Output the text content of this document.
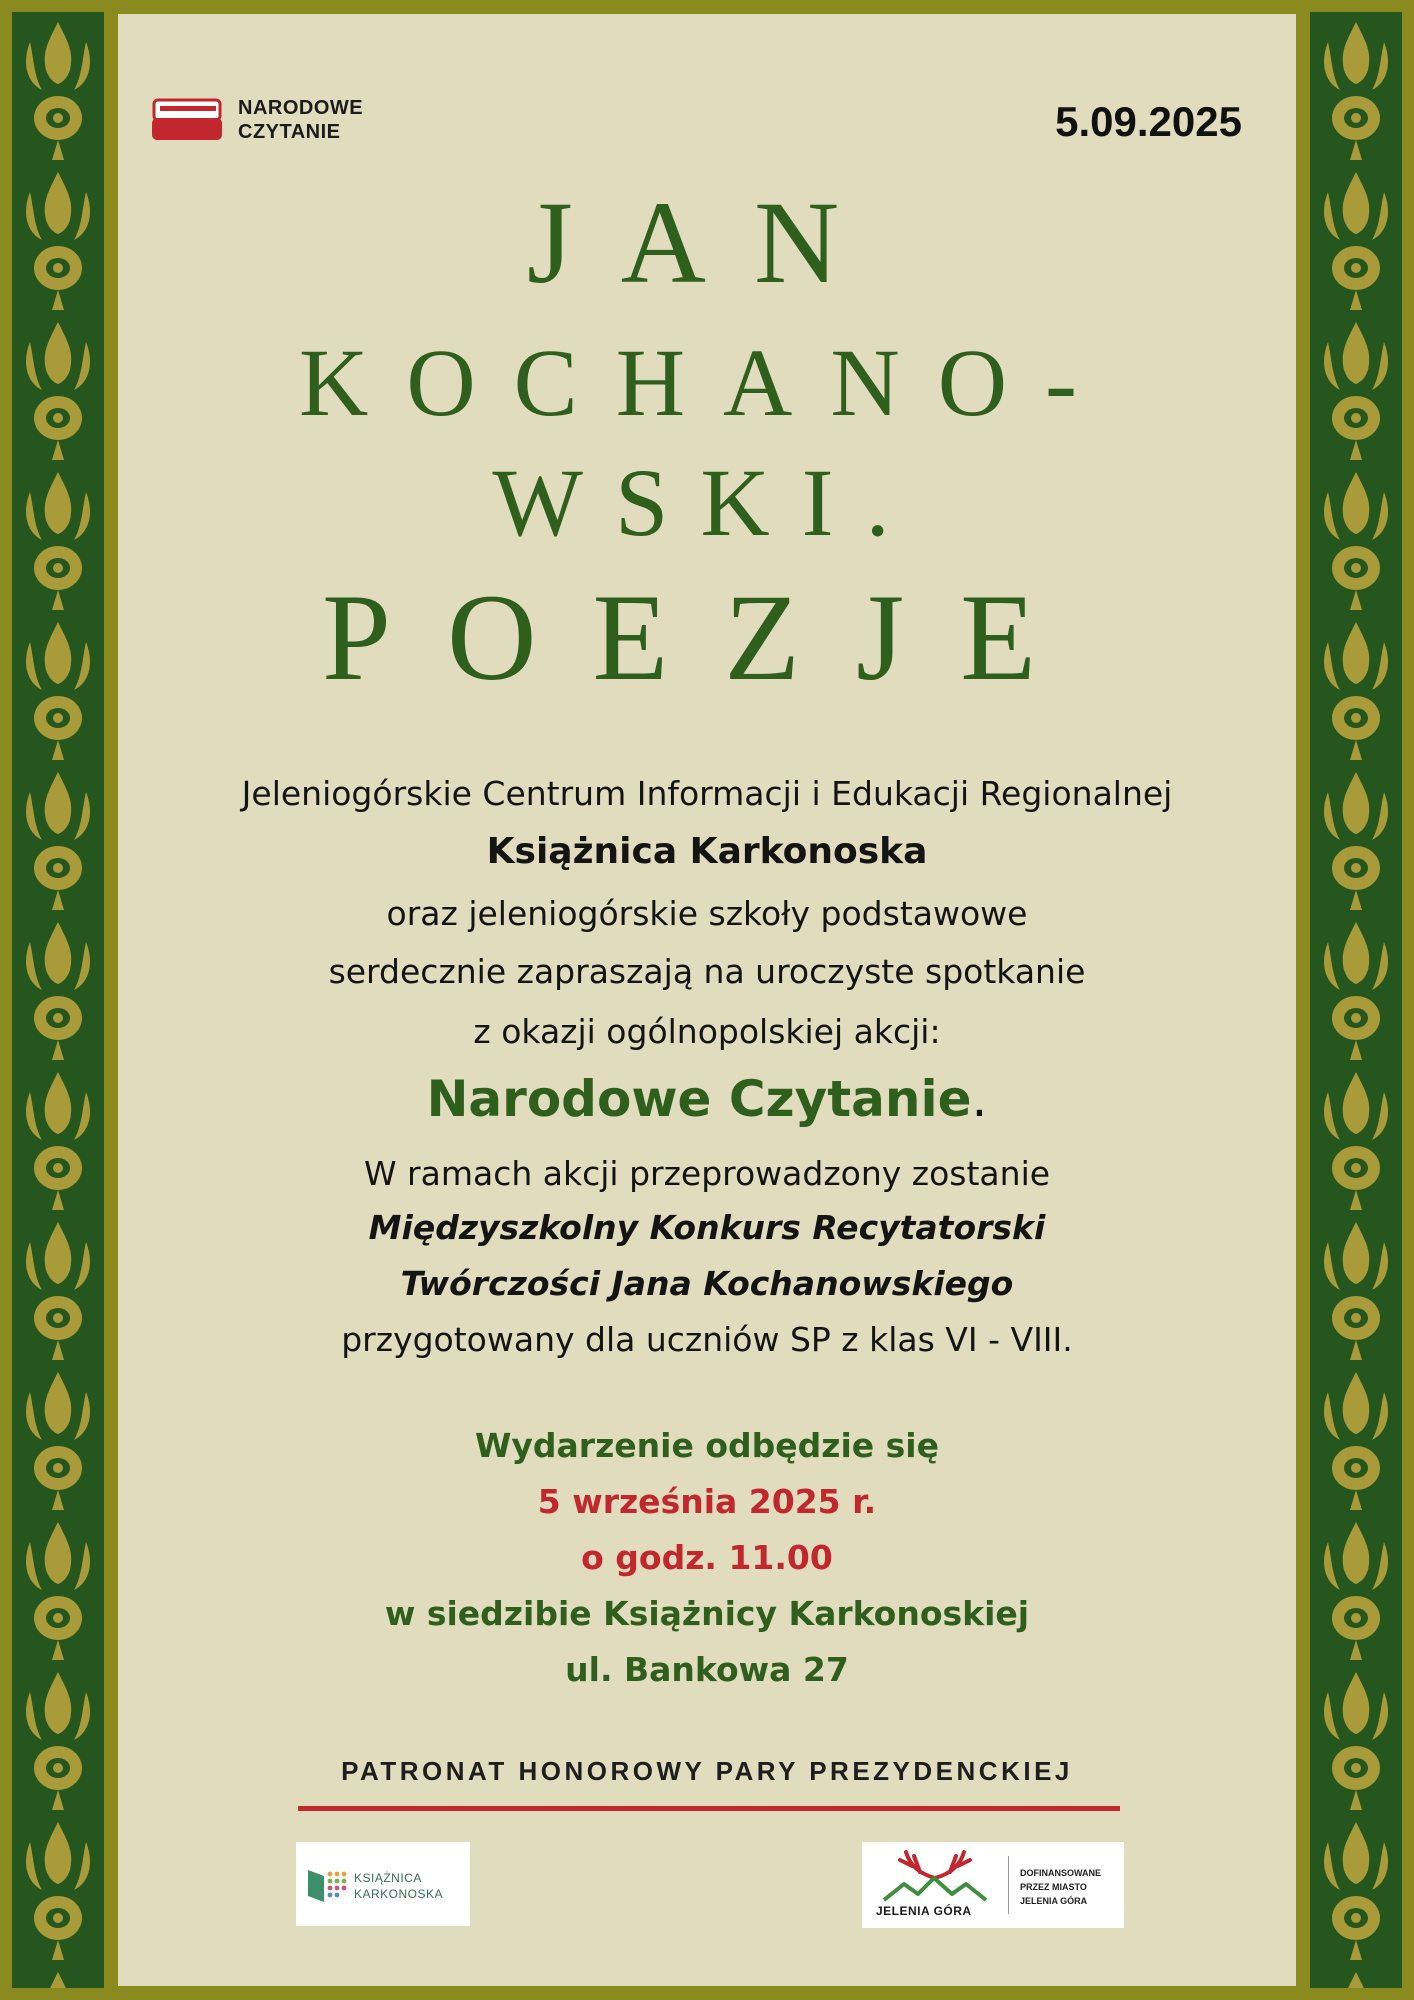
NARODOWE
CZYTANIE	5.09.2025
JAN
KOCHANO-
WSKI.
POEZJE
Jeleniogórskie Centrum Informacji i Edukacji Regionalnej
Książnica Karkonoska
oraz jeleniogórskie szkoły podstawowe
serdecznie zapraszają na uroczyste spotkanie
z okazji ogólnopolskiej akcji:
Narodowe Czytanie.
W ramach akcji przeprowadzony zostanie
Międzyszkolny Konkurs Recytatorski
Twórczości Jana Kochanowskiego
przygotowany dla uczniów SP z klas VI - VIII.
Wydarzenie odbędzie się
5 września 2025 r.
o godz. 11.00
w siedzibie Książnicy Karkonoskiej
ul. Bankowa 27
PATRONAT HONOROWY PARY PREZYDENCKIEJ
KSIĄŻNICA
KARKONOSKA
JELENIA GÓRA
DOFINANSOWANE
PRZEZ MIASTO
JELENIA GÓRA
